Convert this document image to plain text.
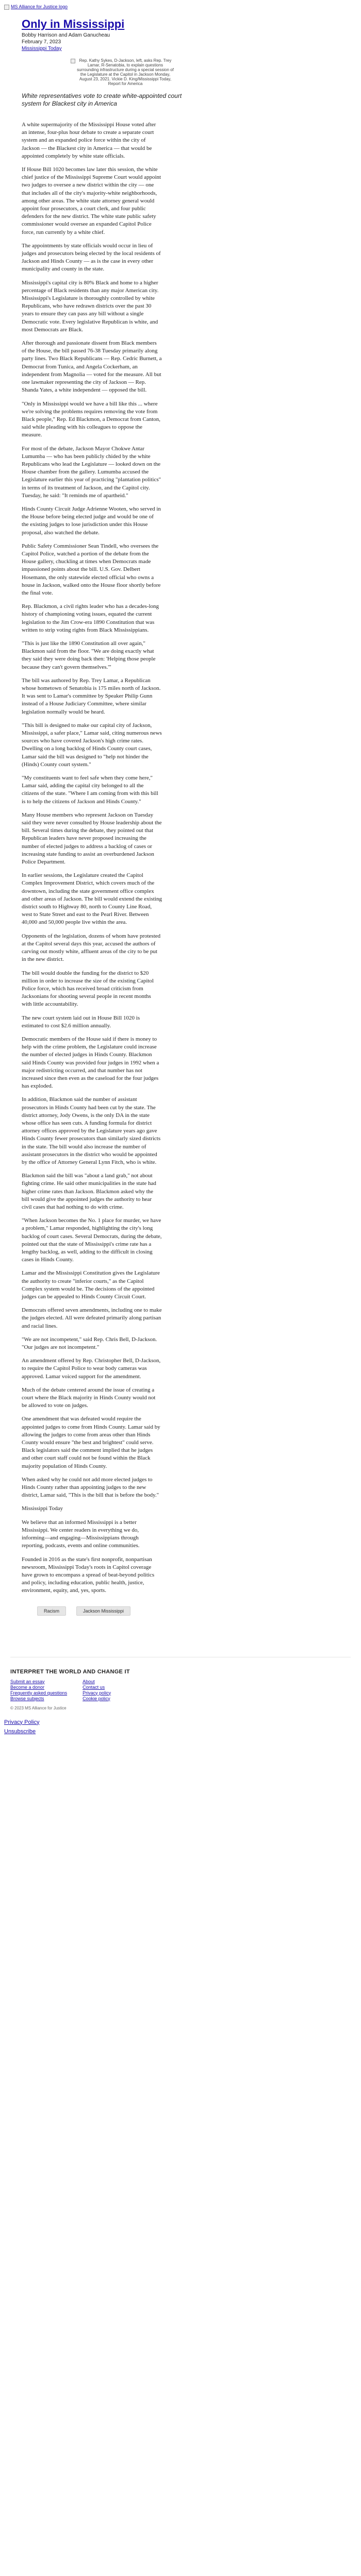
MS Alliance for Justice logo
Only in Mississippi
Bobby Harrison and Adam Ganucheau
February 7, 2023
Mississippi Today
Rep. Kathy Sykes, D-Jackson, left, asks Rep. Trey Lamar, R-Senatobia, to explain questions surrounding infrastructure during a special session of the Legislature at the Capitol in Jackson Monday, August 23, 2021. Vickie D. King/Mississippi Today, Report for America
White representatives vote to create white-appointed court system for Blackest city in America

A white supermajority of the Mississippi House voted after an intense, four-plus hour debate to create a separate court system and an expanded police force within the city of Jackson — the Blackest city in America — that would be appointed completely by white state officials.

If House Bill 1020 becomes law later this session, the white chief justice of the Mississippi Supreme Court would appoint two judges to oversee a new district within the city — one that includes all of the city's majority-white neighborhoods, among other areas. The white state attorney general would appoint four prosecutors, a court clerk, and four public defenders for the new district. The white state public safety commissioner would oversee an expanded Capitol Police force, run currently by a white chief.

The appointments by state officials would occur in lieu of judges and prosecutors being elected by the local residents of Jackson and Hinds County — as is the case in every other municipality and county in the state.

Mississippi's capital city is 80% Black and home to a higher percentage of Black residents than any major American city. Mississippi's Legislature is thoroughly controlled by white Republicans, who have redrawn districts over the past 30 years to ensure they can pass any bill without a single Democratic vote. Every legislative Republican is white, and most Democrats are Black.

After thorough and passionate dissent from Black members of the House, the bill passed 76-38 Tuesday primarily along party lines. Two Black Republicans — Rep. Cedric Burnett, a Democrat from Tunica, and Angela Cockerham, an independent from Magnolia — voted for the measure. All but one lawmaker representing the city of Jackson — Rep. Shanda Yates, a white independent — opposed the bill.

"Only in Mississippi would we have a bill like this ... where we're solving the problems requires removing the vote from Black people," Rep. Ed Blackmon, a Democrat from Canton, said while pleading with his colleagues to oppose the measure.

For most of the debate, Jackson Mayor Chokwe Antar Lumumba — who has been publicly chided by the white Republicans who lead the Legislature — looked down on the House chamber from the gallery. Lumumba accused the Legislature earlier this year of practicing "plantation politics" in terms of its treatment of Jackson, and the Capitol city. Tuesday, he said: "It reminds me of apartheid."

Hinds County Circuit Judge Adrienne Wooten, who served in the House before being elected judge and would be one of the existing judges to lose jurisdiction under this House proposal, also watched the debate.

Public Safety Commissioner Sean Tindell, who oversees the Capitol Police, watched a portion of the debate from the House gallery, chuckling at times when Democrats made impassioned points about the bill. U.S. Gov. Delbert Hosemann, the only statewide elected official who owns a house in Jackson, walked onto the House floor shortly before the final vote.

Rep. Blackmon, a civil rights leader who has a decades-long history of championing voting issues, equated the current legislation to the Jim Crow-era 1890 Constitution that was written to strip voting rights from Black Mississippians.

"This is just like the 1890 Constitution all over again," Blackmon said from the floor. "We are doing exactly what they said they were doing back then: 'Helping those people because they can't govern themselves.'"

The bill was authored by Rep. Trey Lamar, a Republican whose hometown of Senatobia is 175 miles north of Jackson. It was sent to Lamar's committee by Speaker Philip Gunn instead of a House Judiciary Committee, where similar legislation normally would be heard.

"This bill is designed to make our capital city of Jackson, Mississippi, a safer place," Lamar said, citing numerous news sources who have covered Jackson's high crime rates. Dwelling on a long backlog of Hinds County court cases, Lamar said the bill was designed to "help not hinder the (Hinds) County court system."

"My constituents want to feel safe when they come here," Lamar said, adding the capital city belonged to all the citizens of the state. "Where I am coming from with this bill is to help the citizens of Jackson and Hinds County."

Many House members who represent Jackson on Tuesday said they were never consulted by House leadership about the bill. Several times during the debate, they pointed out that Republican leaders have never proposed increasing the number of elected judges to address a backlog of cases or increasing state funding to assist an overburdened Jackson Police Department.

In earlier sessions, the Legislature created the Capitol Complex Improvement District, which covers much of the downtown, including the state government office complex and other areas of Jackson. The bill would extend the existing district south to Highway 80, north to County Line Road, west to State Street and east to the Pearl River. Between 40,000 and 50,000 people live within the area.

Opponents of the legislation, dozens of whom have protested at the Capitol several days this year, accused the authors of carving out mostly white, affluent areas of the city to be put in the new district.

The bill would double the funding for the district to $20 million in order to increase the size of the existing Capitol Police force, which has received broad criticism from Jacksonians for shooting several people in recent months with little accountability.

The new court system laid out in House Bill 1020 is estimated to cost $2.6 million annually.

Democratic members of the House said if there is money to help with the crime problem, the Legislature could increase the number of elected judges in Hinds County. Blackmon said Hinds County was provided four judges in 1992 when a major redistricting occurred, and that number has not increased since then even as the caseload for the four judges has exploded.

In addition, Blackmon said the number of assistant prosecutors in Hinds County had been cut by the state. The district attorney, Jody Owens, is the only DA in the state whose office has seen cuts. A funding formula for district attorney offices approved by the Legislature years ago gave Hinds County fewer prosecutors than similarly sized districts in the state. The bill would also increase the number of assistant prosecutors in the district who would be appointed by the office of Attorney General Lynn Fitch, who is white.

Blackmon said the bill was "about a land grab," not about fighting crime. He said other municipalities in the state had higher crime rates than Jackson. Blackmon asked why the bill would give the appointed judges the authority to hear civil cases that had nothing to do with crime.

"When Jackson becomes the No. 1 place for murder, we have a problem," Lamar responded, highlighting the city's long backlog of court cases. Several Democrats, during the debate, pointed out that the state of Mississippi's crime rate has a lengthy backlog, as well, adding to the difficult in closing cases in Hinds County.

Lamar and the Mississippi Constitution gives the Legislature the authority to create "inferior courts," as the Capitol Complex system would be. The decisions of the appointed judges can be appealed to Hinds County Circuit Court.

Democrats offered seven amendments, including one to make the judges elected. All were defeated primarily along partisan and racial lines.

"We are not incompetent," said Rep. Chris Bell, D-Jackson. "Our judges are not incompetent."

An amendment offered by Rep. Christopher Bell, D-Jackson, to require the Capitol Police to wear body cameras was approved. Lamar voiced support for the amendment.

Much of the debate centered around the issue of creating a court where the Black majority in Hinds County would not be allowed to vote on judges.

One amendment that was defeated would require the appointed judges to come from Hinds County. Lamar said by allowing the judges to come from areas other than Hinds County would ensure "the best and brightest" could serve. Black legislators said the comment implied that he judges and other court staff could not be found within the Black majority population of Hinds County.

When asked why he could not add more elected judges to Hinds County rather than appointing judges to the new district, Lamar said, "This is the bill that is before the body."

Mississippi Today

We believe that an informed Mississippi is a better Mississippi. We center readers in everything we do, informing—and engaging—Mississippians through reporting, podcasts, events and online communities.

Founded in 2016 as the state's first nonprofit, nonpartisan newsroom, Mississippi Today's roots in Capitol coverage have grown to encompass a spread of beat-beyond politics and policy, including education, public health, justice, environment, equity, and, yes, sports.

Racism	Jackson Mississippi
INTERPRET THE WORLD AND CHANGE IT
Submit an essay
Become a donor
Frequently asked questions
Browse subjects
About
Contact us
Privacy policy
Cookie policy
© 2023 MS Alliance for Justice
Privacy Policy
Unsubscribe
